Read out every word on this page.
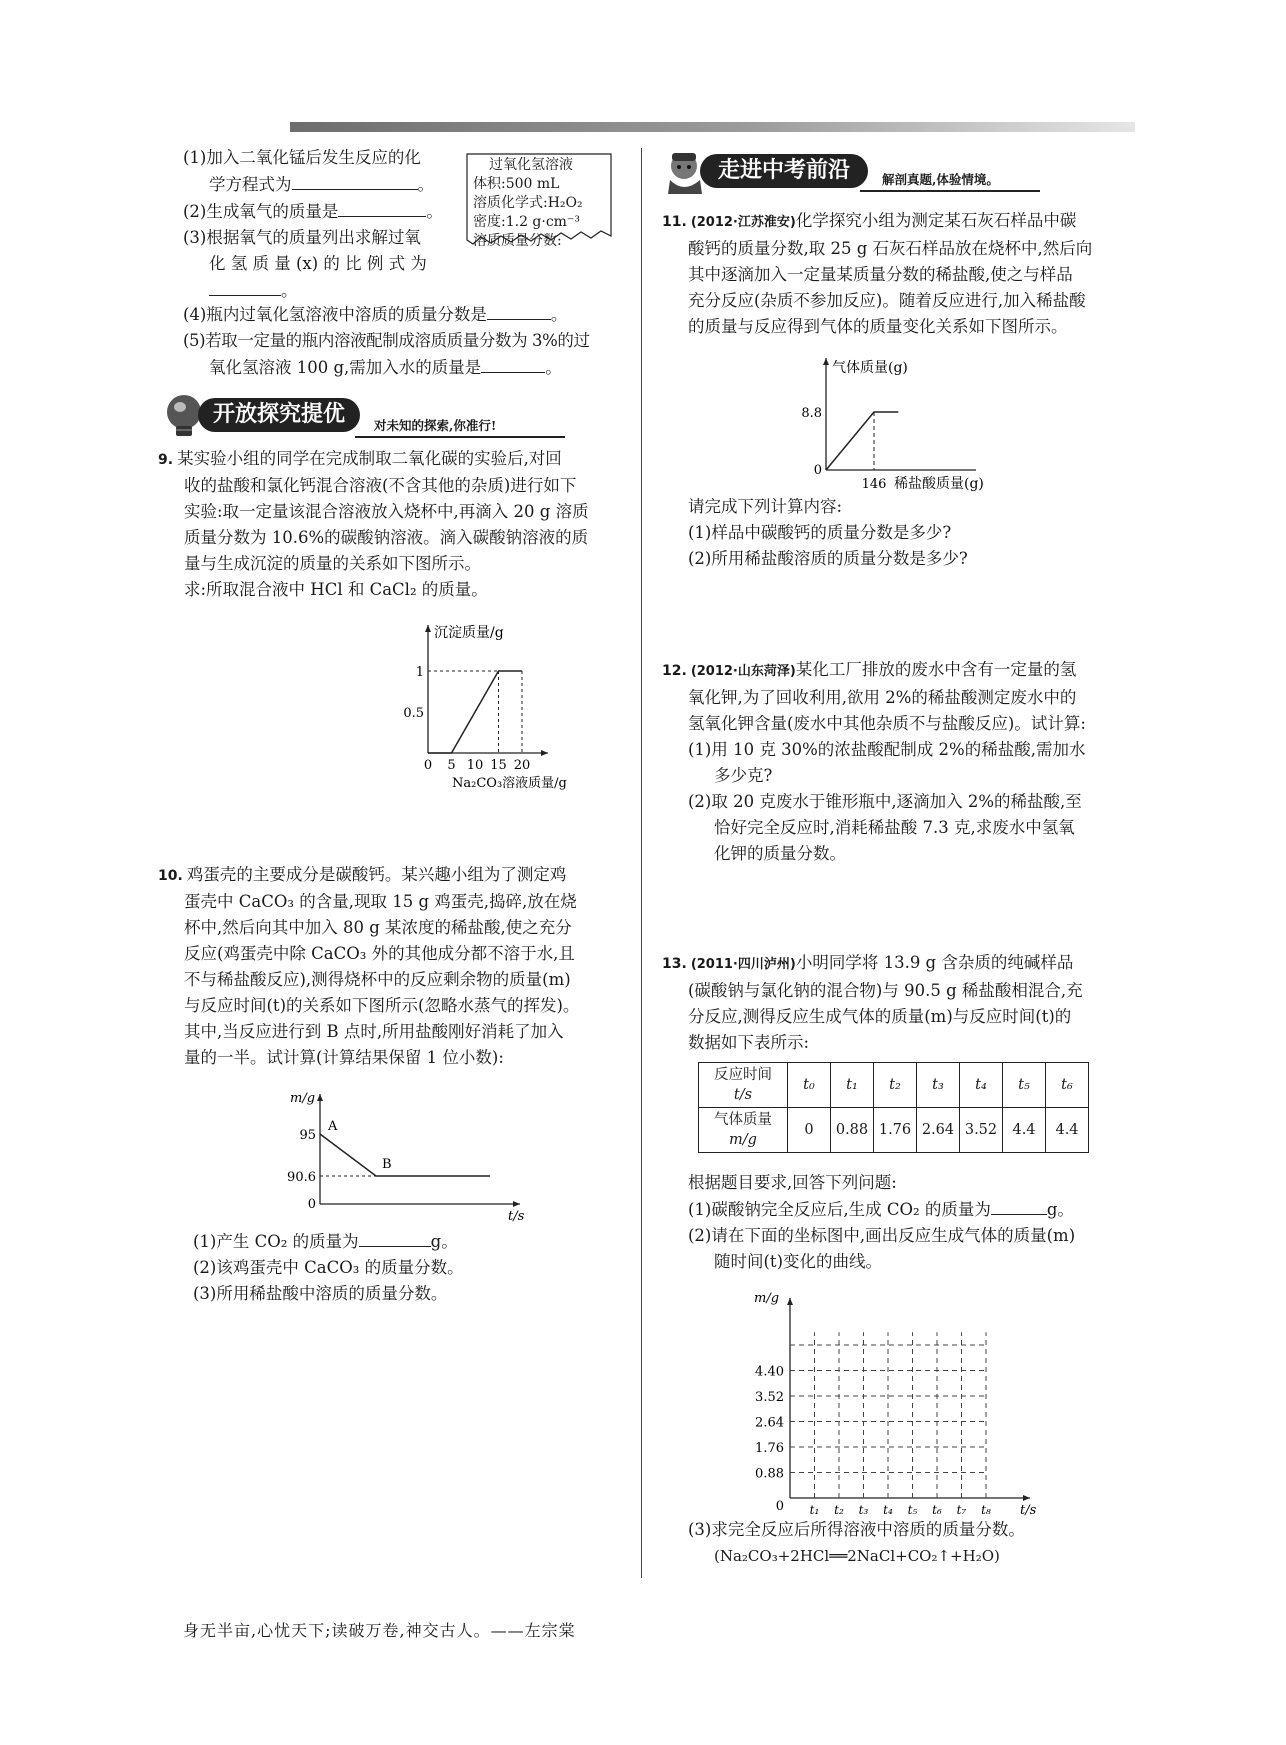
(1)加入二氧化锰后发生反应的化

学方程式为	。

(2)生成氧气的质量是	。

(3)根据氧气的质量列出求解过氧

化 氢 质 量 (x) 的 比 例 式 为

。

(4)瓶内过氧化氢溶液中溶质的质量分数是	。

(5)若取一定量的瓶内溶液配制成溶质质量分数为 3%的过

氧化氢溶液 100 g,需加入水的质量是	。

过氧化氢溶液
体积:500 mL
溶质化学式:H₂O₂
密度:1.2 g·cm⁻³
溶质质量分数:
开放探究提优	对未知的探索,你准行!

9. 某实验小组的同学在完成制取二氧化碳的实验后,对回

收的盐酸和氯化钙混合溶液(不含其他的杂质)进行如下

实验:取一定量该混合溶液放入烧杯中,再滴入 20 g 溶质

质量分数为 10.6%的碳酸钠溶液。滴入碳酸钠溶液的质

量与生成沉淀的质量的关系如下图所示。

求:所取混合液中 HCl 和 CaCl₂ 的质量。

沉淀质量/g
0 5 10 15 20
0.5
1
Na₂CO₃溶液质量/g

10. 鸡蛋壳的主要成分是碳酸钙。某兴趣小组为了测定鸡

蛋壳中 CaCO₃ 的含量,现取 15 g 鸡蛋壳,捣碎,放在烧

杯中,然后向其中加入 80 g 某浓度的稀盐酸,使之充分

反应(鸡蛋壳中除 CaCO₃ 外的其他成分都不溶于水,且

不与稀盐酸反应),测得烧杯中的反应剩余物的质量(m)

与反应时间(t)的关系如下图所示(忽略水蒸气的挥发)。

其中,当反应进行到 B 点时,所用盐酸刚好消耗了加入

量的一半。试计算(计算结果保留 1 位小数):

m/g
t/s
0
90.6
95
A
B

(1)产生 CO₂ 的质量为	g。

(2)该鸡蛋壳中 CaCO₃ 的质量分数。

(3)所用稀盐酸中溶质的质量分数。

走进中考前沿	解剖真题,体验情境。

11. (2012·江苏淮安)化学探究小组为测定某石灰石样品中碳

酸钙的质量分数,取 25 g 石灰石样品放在烧杯中,然后向

其中逐滴加入一定量某质量分数的稀盐酸,使之与样品

充分反应(杂质不参加反应)。随着反应进行,加入稀盐酸

的质量与反应得到气体的质量变化关系如下图所示。

气体质量(g)
0
146
8.8
稀盐酸质量(g)

请完成下列计算内容:

(1)样品中碳酸钙的质量分数是多少?

(2)所用稀盐酸溶质的质量分数是多少?

12. (2012·山东菏泽)某化工厂排放的废水中含有一定量的氢

氧化钾,为了回收利用,欲用 2%的稀盐酸测定废水中的

氢氧化钾含量(废水中其他杂质不与盐酸反应)。试计算:

(1)用 10 克 30%的浓盐酸配制成 2%的稀盐酸,需加水

多少克?

(2)取 20 克废水于锥形瓶中,逐滴加入 2%的稀盐酸,至

恰好完全反应时,消耗稀盐酸 7.3 克,求废水中氢氧

化钾的质量分数。

13. (2011·四川泸州)小明同学将 13.9 g 含杂质的纯碱样品

(碳酸钠与氯化钠的混合物)与 90.5 g 稀盐酸相混合,充

分反应,测得反应生成气体的质量(m)与反应时间(t)的

数据如下表所示:

反应时间
t/s	t₀	t₁	t₂	t₃	t₄	t₅	t₆

气体质量
m/g	0	0.88	1.76	2.64	3.52	4.4	4.4

根据题目要求,回答下列问题:

(1)碳酸钠完全反应后,生成 CO₂ 的质量为	g。

(2)请在下面的坐标图中,画出反应生成气体的质量(m)

随时间(t)变化的曲线。

m/g
0	t/s
t₁ t₂ t₃ t₄ t₅ t₆ t₇ t₈
0.88
1.76
2.64
3.52
4.40

(3)求完全反应后所得溶液中溶质的质量分数。

(Na₂CO₃+2HCl══2NaCl+CO₂↑+H₂O)

身无半亩,心忧天下;读破万卷,神交古人。——左宗棠
